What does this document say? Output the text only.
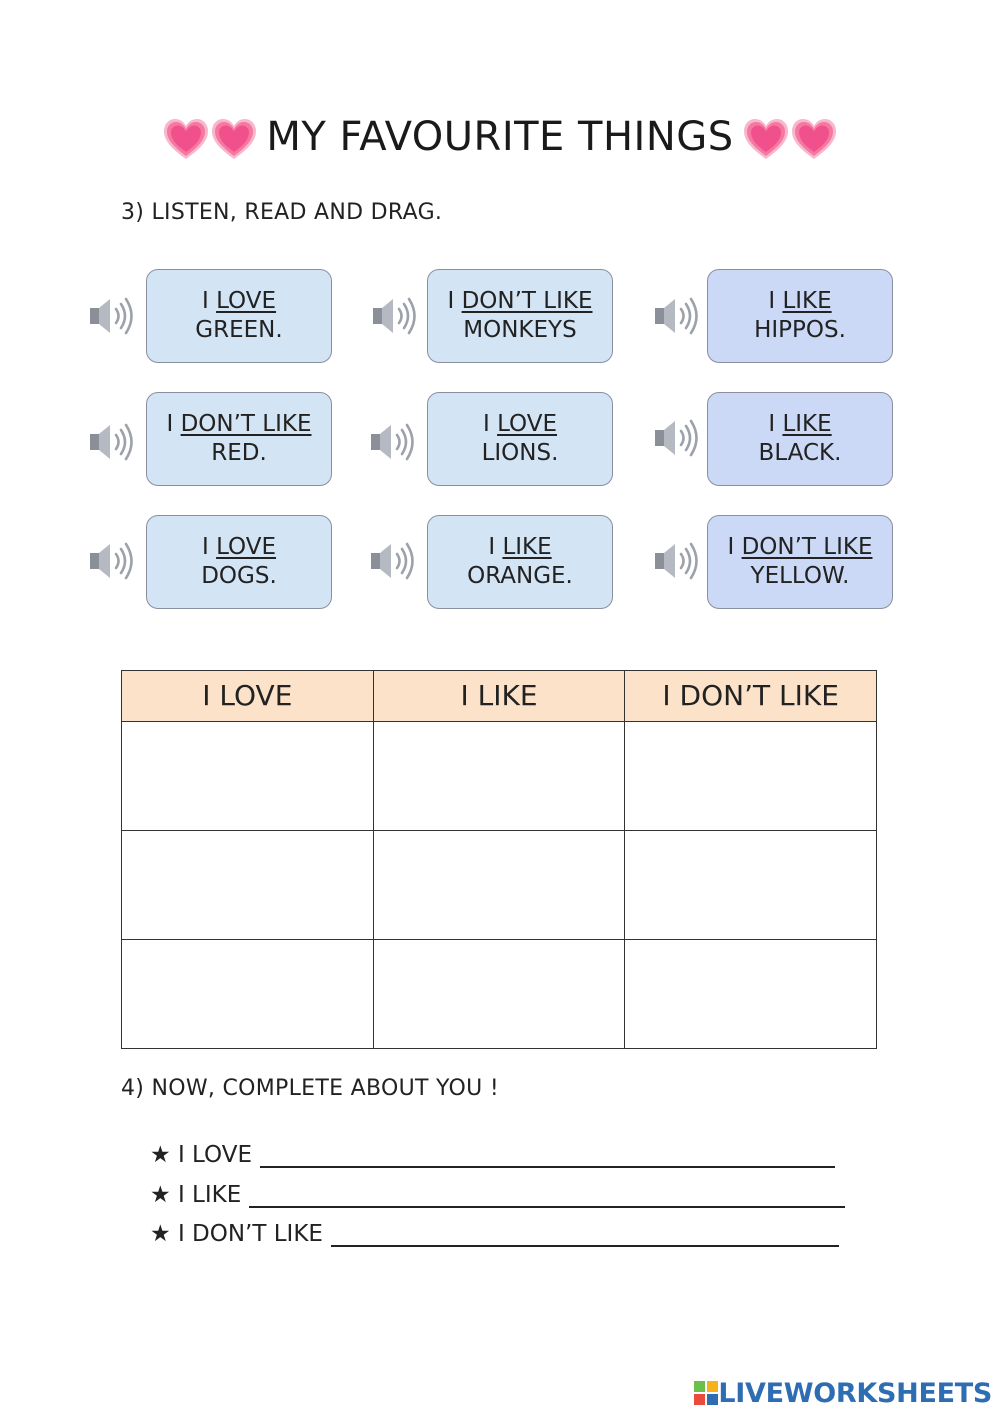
MY FAVOURITE THINGS
3) LISTEN, READ AND DRAG.
I LOVE
GREEN.
I DON’T LIKE
MONKEYS
I LIKE
HIPPOS.
I DON’T LIKE
RED.
I LOVE
LIONS.
I LIKE
BLACK.
I LOVE
DOGS.
I LIKE
ORANGE.
I DON’T LIKE
YELLOW.
I LOVE	I LIKE	I DON’T LIKE

4) NOW, COMPLETE ABOUT YOU !
★
I LOVE
★
I LIKE
★
I DON’T LIKE
LIVEWORKSHEETS
